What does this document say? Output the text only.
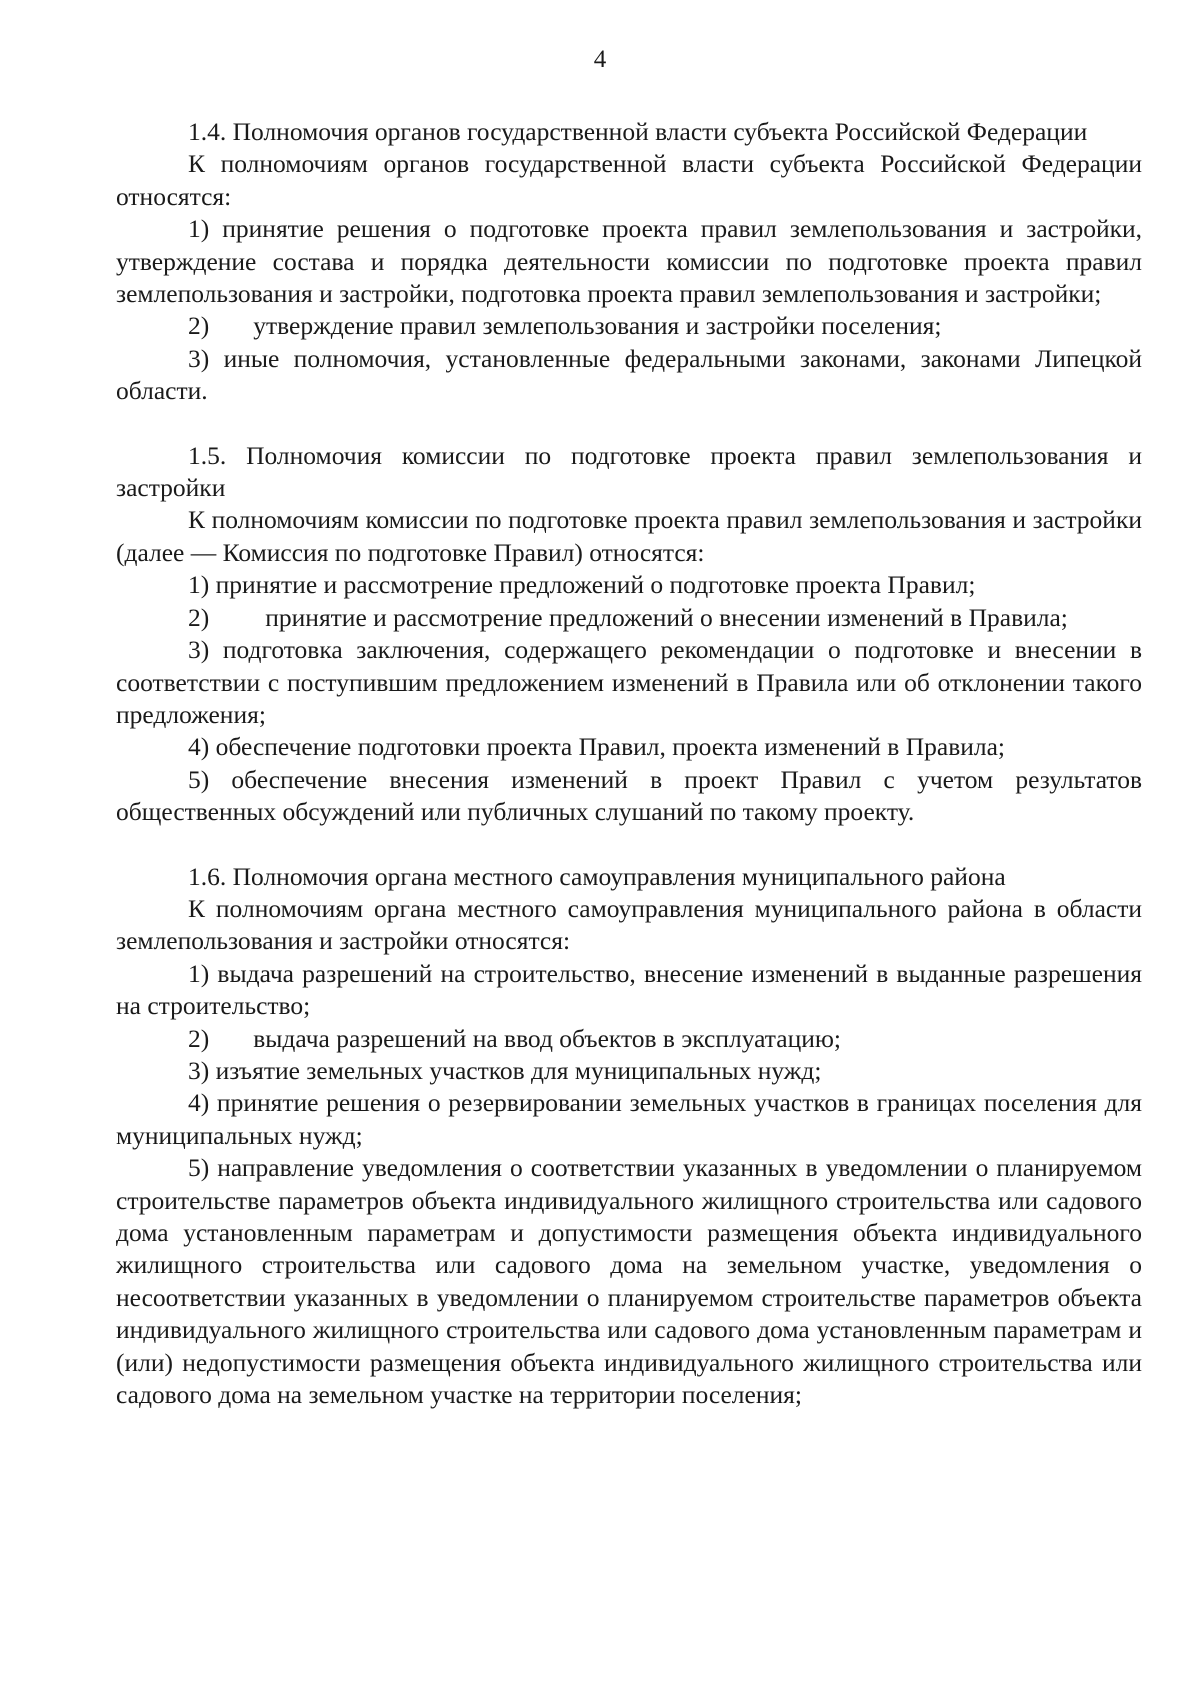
4

1.4. Полномочия органов государственной власти субъекта Российской Федерации

К полномочиям органов государственной власти субъекта Российской Федерации относятся:

1) принятие решения о подготовке проекта правил землепользования и застройки, утверждение состава и порядка деятельности комиссии по подготовке проекта правил землепользования и застройки, подготовка проекта правил землепользования и застройки;

2) утверждение правил землепользования и застройки поселения;

3) иные полномочия, установленные федеральными законами, законами Липецкой области.

1.5. Полномочия комиссии по подготовке проекта правил землепользования и застройки

К полномочиям комиссии по подготовке проекта правил землепользования и застройки (далее — Комиссия по подготовке Правил) относятся:

1) принятие и рассмотрение предложений о подготовке проекта Правил;

2) принятие и рассмотрение предложений о внесении изменений в Правила;

3) подготовка заключения, содержащего рекомендации о подготовке и внесении в соответствии с поступившим предложением изменений в Правила или об отклонении такого предложения;

4) обеспечение подготовки проекта Правил, проекта изменений в Правила;

5) обеспечение внесения изменений в проект Правил с учетом результатов общественных обсуждений или публичных слушаний по такому проекту.

1.6. Полномочия органа местного самоуправления муниципального района

К полномочиям органа местного самоуправления муниципального района в области землепользования и застройки относятся:

1) выдача разрешений на строительство, внесение изменений в выданные разрешения на строительство;

2) выдача разрешений на ввод объектов в эксплуатацию;

3) изъятие земельных участков для муниципальных нужд;

4) принятие решения о резервировании земельных участков в границах поселения для муниципальных нужд;

5) направление уведомления о соответствии указанных в уведомлении о планируемом строительстве параметров объекта индивидуального жилищного строительства или садового дома установленным параметрам и допустимости размещения объекта индивидуального жилищного строительства или садового дома на земельном участке, уведомления о несоответствии указанных в уведомлении о планируемом строительстве параметров объекта индивидуального жилищного строительства или садового дома установленным параметрам и (или) недопустимости размещения объекта индивидуального жилищного строительства или садового дома на земельном участке на территории поселения;
